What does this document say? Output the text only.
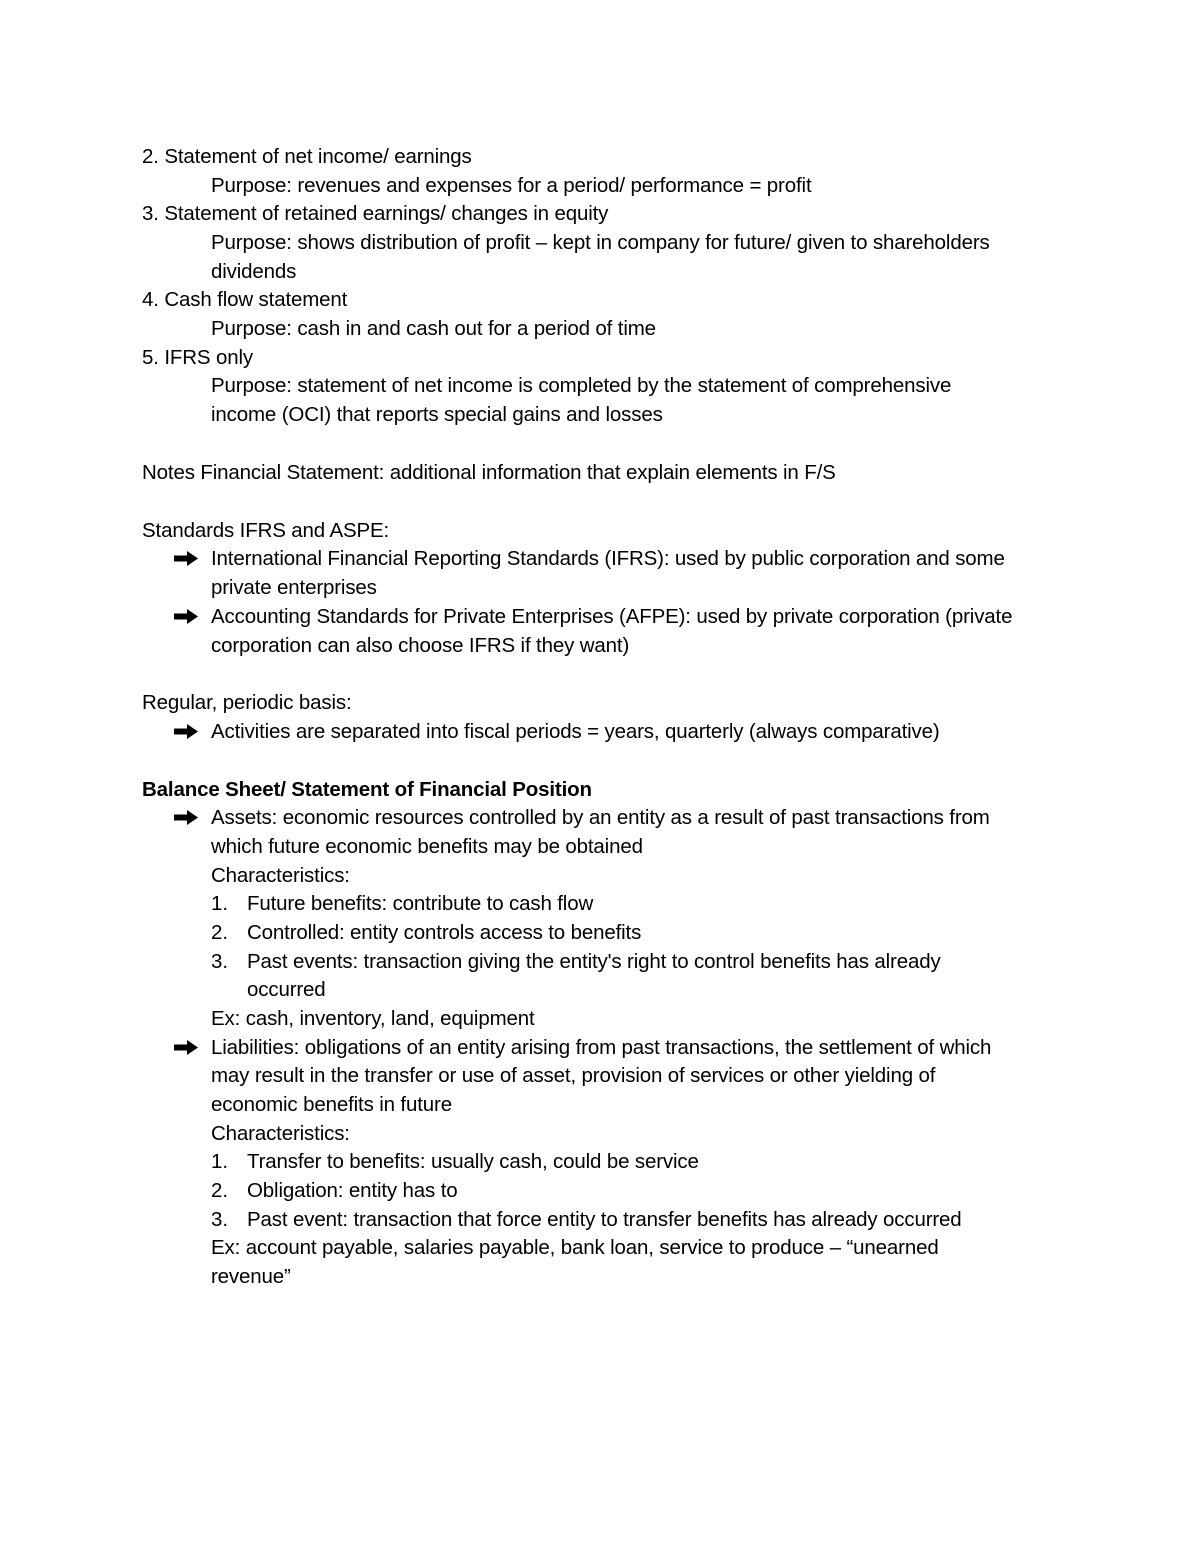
2. Statement of net income/ earnings
Purpose: revenues and expenses for a period/ performance = profit
3. Statement of retained earnings/ changes in equity
Purpose: shows distribution of profit – kept in company for future/ given to shareholders
dividends
4. Cash flow statement
Purpose: cash in and cash out for a period of time
5. IFRS only
Purpose: statement of net income is completed by the statement of comprehensive
income (OCI) that reports special gains and losses
Notes Financial Statement: additional information that explain elements in F/S
Standards IFRS and ASPE:
International Financial Reporting Standards (IFRS): used by public corporation and some
private enterprises
Accounting Standards for Private Enterprises (AFPE): used by private corporation (private
corporation can also choose IFRS if they want)
Regular, periodic basis:
Activities are separated into fiscal periods = years, quarterly (always comparative)
Balance Sheet/ Statement of Financial Position
Assets: economic resources controlled by an entity as a result of past transactions from
which future economic benefits may be obtained
Characteristics:
1. Future benefits: contribute to cash flow
2. Controlled: entity controls access to benefits
3. Past events: transaction giving the entity's right to control benefits has already
occurred
Ex: cash, inventory, land, equipment
Liabilities: obligations of an entity arising from past transactions, the settlement of which
may result in the transfer or use of asset, provision of services or other yielding of
economic benefits in future
Characteristics:
1. Transfer to benefits: usually cash, could be service
2. Obligation: entity has to
3. Past event: transaction that force entity to transfer benefits has already occurred
Ex: account payable, salaries payable, bank loan, service to produce – “unearned
revenue”
